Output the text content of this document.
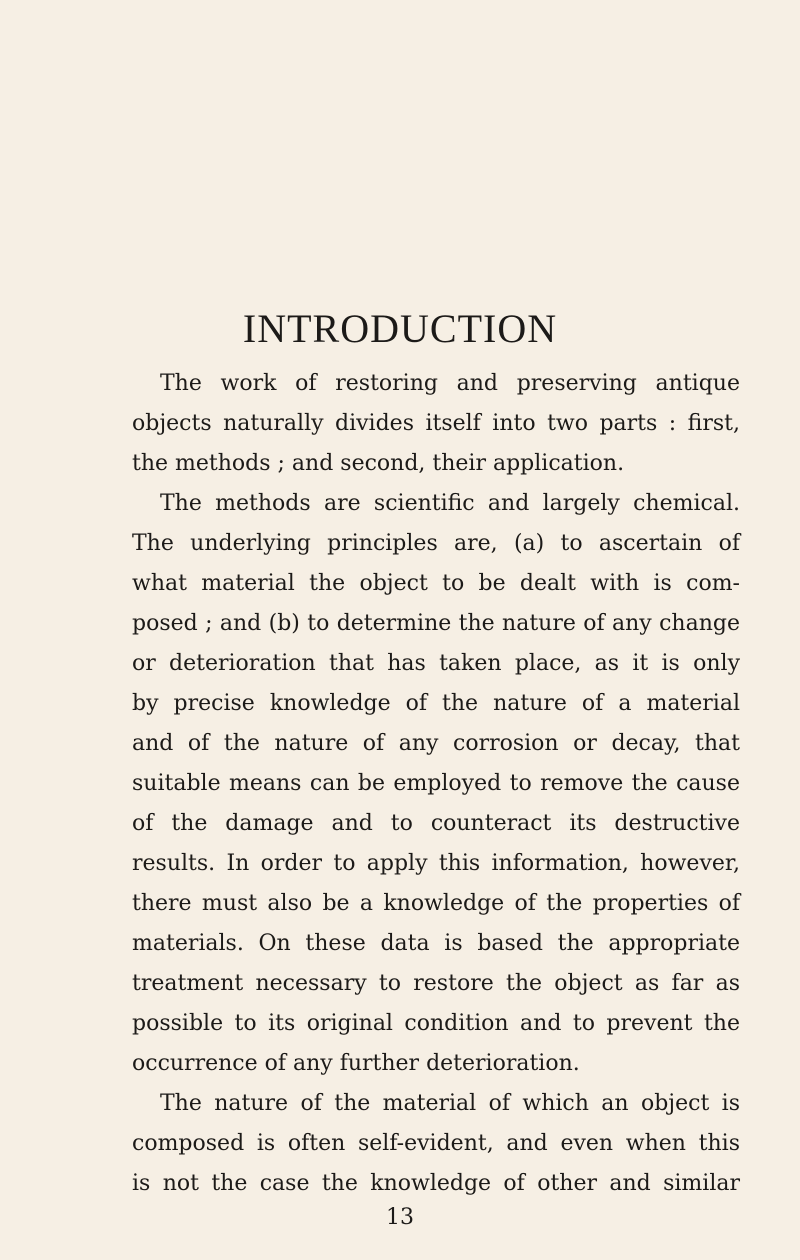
INTRODUCTION
The work of restoring and preserving antique
objects naturally divides itself into two parts : first,
the methods ; and second, their application.
The methods are scientific and largely chemical.
The underlying principles are, (a) to ascertain of
what material the object to be dealt with is com-
posed ; and (b) to determine the nature of any change
or deterioration that has taken place, as it is only
by precise knowledge of the nature of a material
and of the nature of any corrosion or decay, that
suitable means can be employed to remove the cause
of the damage and to counteract its destructive
results. In order to apply this information, however,
there must also be a knowledge of the properties of
materials. On these data is based the appropriate
treatment necessary to restore the object as far as
possible to its original condition and to prevent the
occurrence of any further deterioration.
The nature of the material of which an object is
composed is often self-evident, and even when this
is not the case the knowledge of other and similar
13
